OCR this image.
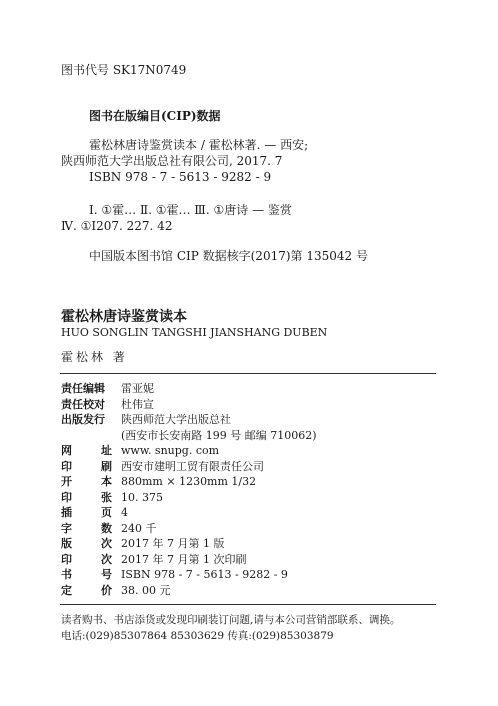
图书代号 SK17N0749
图书在版编目(CIP)数据
霍松林唐诗鉴赏读本 / 霍松林著. — 西安;
陕西师范大学出版总社有限公司, 2017. 7
ISBN 978 - 7 - 5613 - 9282 - 9
Ⅰ. ①霍… Ⅱ. ①霍… Ⅲ. ①唐诗 — 鉴赏
Ⅳ. ①I207. 227. 42
中国版本图书馆 CIP 数据核字(2017)第 135042 号
霍松林唐诗鉴赏读本
HUO SONGLIN TANGSHI JIANSHANG DUBEN
霍松林 著
责任编辑	雷亚妮
责任校对	杜伟宣
出版发行	陕西师范大学出版总社
(西安市长安南路 199 号 邮编 710062)
网	址 www. snupg. com
印	刷 西安市建明工贸有限责任公司
开	本 880mm × 1230mm 1/32
印	张 10. 375
插	页 4
字	数 240 千
版	次 2017 年 7 月第 1 版
印	次 2017 年 7 月第 1 次印刷
书	号 ISBN 978 - 7 - 5613 - 9282 - 9
定	价 38. 00 元
读者购书、书店添货或发现印刷装订问题,请与本公司营销部联系、调换。
电话:(029)85307864 85303629 传真:(029)85303879
